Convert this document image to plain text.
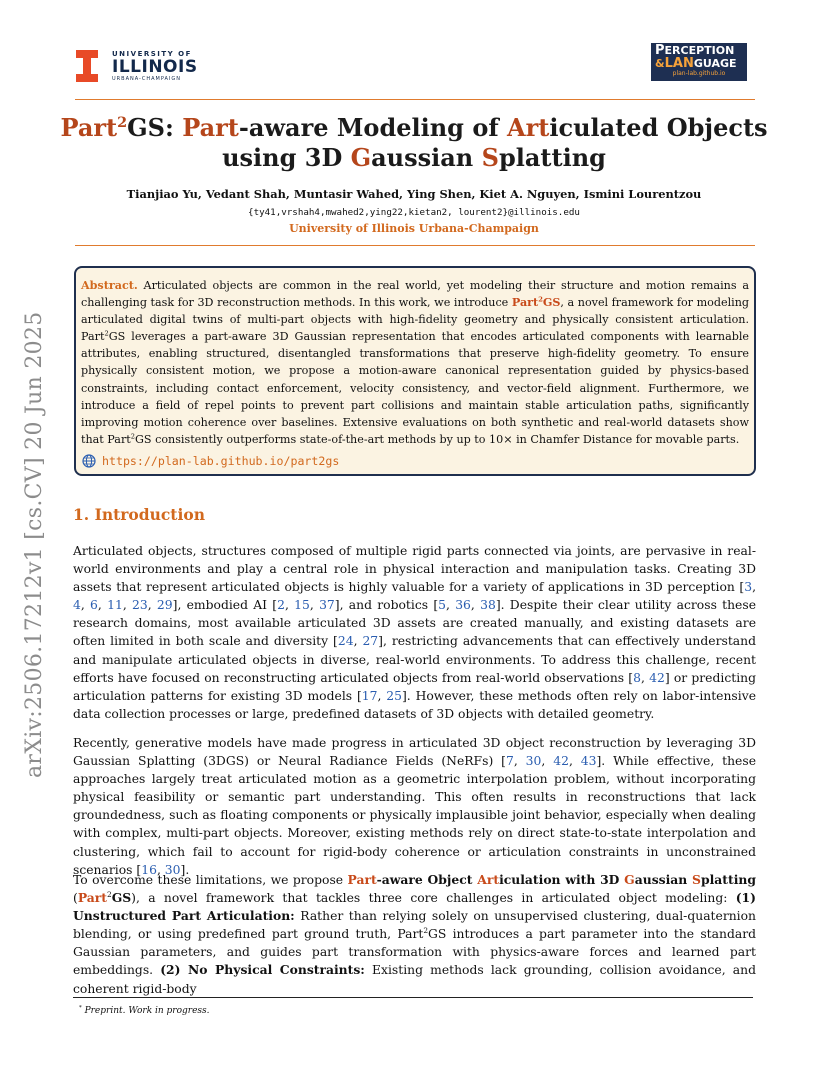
UNIVERSITY OF
ILLINOIS
URBANA-CHAMPAIGN
PERCEPTION
&LANGUAGE
plan-lab.github.io
Part$^2$GS: Part-aware Modeling of Articulated Objects
using 3D Gaussian Splatting
Tianjiao Yu, Vedant Shah, Muntasir Wahed, Ying Shen, Kiet A. Nguyen, Ismini Lourentzou
{ty41,vrshah4,mwahed2,ying22,kietan2, lourent2}@illinois.edu
University of Illinois Urbana-Champaign
Abstract. Articulated objects are common in the real world, yet modeling their structure and motion remains a challenging task for 3D reconstruction methods. In this work, we introduce Part$^2$GS, a novel framework for modeling articulated digital twins of multi-part objects with high-fidelity geometry and physically consistent articulation. Part$^2$GS leverages a part-aware 3D Gaussian representation that encodes articulated components with learnable attributes, enabling structured, disentangled transformations that preserve high-fidelity geometry. To ensure physically consistent motion, we propose a motion-aware canonical representation guided by physics-based constraints, including contact enforcement, velocity consistency, and vector-field alignment. Furthermore, we introduce a field of repel points to prevent part collisions and maintain stable articulation paths, significantly improving motion coherence over baselines. Extensive evaluations on both synthetic and real-world datasets show that Part$^2$GS consistently outperforms state-of-the-art methods by up to 10× in Chamfer Distance for movable parts.
https://plan-lab.github.io/part2gs
arXiv:2506.17212v1 [cs.CV] 20 Jun 2025 1. Introduction
Articulated objects, structures composed of multiple rigid parts connected via joints, are pervasive in real-world environments and play a central role in physical interaction and manipulation tasks. Creating 3D assets that represent articulated objects is highly valuable for a variety of applications in 3D perception [3, 4, 6, 11, 23, 29], embodied AI [2, 15, 37], and robotics [5, 36, 38]. Despite their clear utility across these research domains, most available articulated 3D assets are created manually, and existing datasets are often limited in both scale and diversity [24, 27], restricting advancements that can effectively understand and manipulate articulated objects in diverse, real-world environments. To address this challenge, recent efforts have focused on reconstructing articulated objects from real-world observations [8, 42] or predicting articulation patterns for existing 3D models [17, 25]. However, these methods often rely on labor-intensive data collection processes or large, predefined datasets of 3D objects with detailed geometry.
Recently, generative models have made progress in articulated 3D object reconstruction by leveraging 3D Gaussian Splatting (3DGS) or Neural Radiance Fields (NeRFs) [7, 30, 42, 43]. While effective, these approaches largely treat articulated motion as a geometric interpolation problem, without incorporating physical feasibility or semantic part understanding. This often results in reconstructions that lack groundedness, such as floating components or physically implausible joint behavior, especially when dealing with complex, multi-part objects. Moreover, existing methods rely on direct state-to-state interpolation and clustering, which fail to account for rigid-body coherence or articulation constraints in unconstrained scenarios [16, 30].
To overcome these limitations, we propose Part-aware Object Articulation with 3D Gaussian Splatting (Part$^2$GS), a novel framework that tackles three core challenges in articulated object modeling: (1) Unstructured Part Articulation: Rather than relying solely on unsupervised clustering, dual-quaternion blending, or using predefined part ground truth, Part$^2$GS introduces a part parameter into the standard Gaussian parameters, and guides part transformation with physics-aware forces and learned part embeddings. (2) No Physical Constraints: Existing methods lack grounding, collision avoidance, and coherent rigid-body
* Preprint. Work in progress.
